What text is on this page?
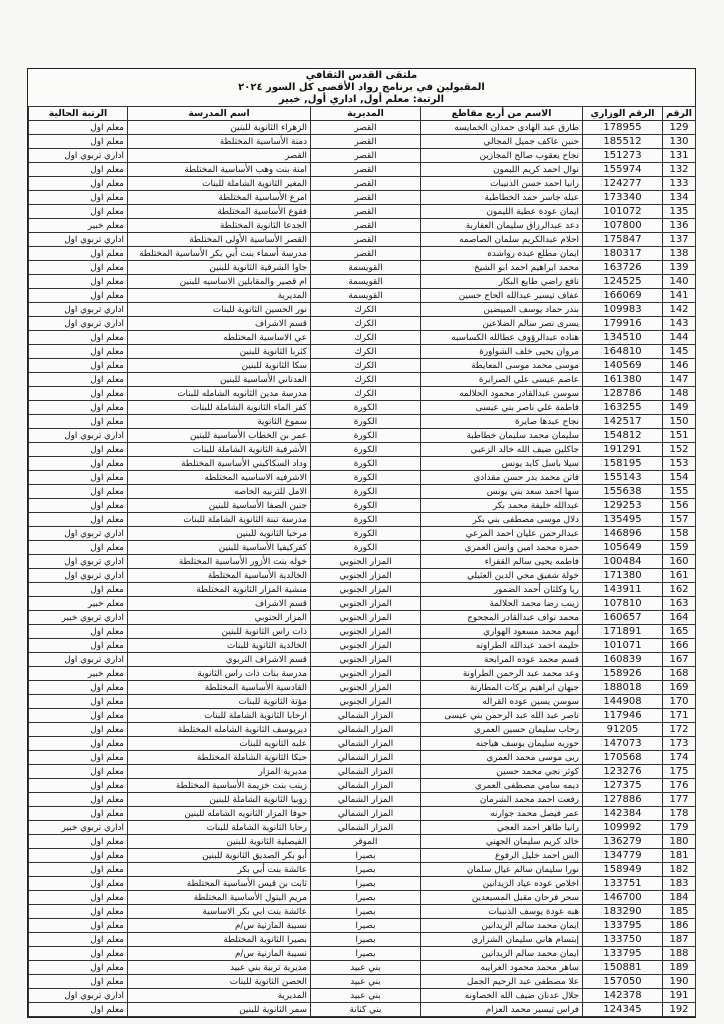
ملتقى القدس الثقافي
المقبولين في برنامج رواد الأقصى كل السور ٢٠٢٤
الرتبة: معلم أول, اداري أول, خبير
الرقم	الرقم الوزاري	الاسم من أربع مقاطع	المديرية	اسم المدرسة	الرتبة الحالية
129	178955	طارق عبد الهادي حمدان الخمايسه	القصر	الزهراء الثانوية للبنين	معلم اول
130	185512	حنين عاكف جميل المجالي	القصر	دمنة الأساسية المختلطة	معلم اول
131	151273	نجاح يعقوب صالح المجازين	القصر	القصر	اداري تربوي اول
132	155974	نوال احمد كريم الليمون	القصر	امنة بنت وهب الأساسية المختلطة	معلم اول
133	124277	رانيا احمد حسن الذنيبات	القصر	المغير الثانوية الشاملة للبنات	معلم اول
134	173340	عبله جاسر حمد الخطاطبة	القصر	امرع الأساسية المختلطة	معلم اول
135	101072	ايمان عودة عطية الليمون	القصر	فقوع الأساسية المختلطة	معلم اول
136	107800	دعد عبدالرزاق سليمان العفاربة	القصر	الجدعا الثانوية المختلطة	معلم خبير
137	175847	احلام عبدالكريم سلمان الصاصمه	القصر	القصر الأساسية الأولى المختلطة	اداري تربوي اول
138	180317	ايمان مطلع عبده رواشده	القصر	مدرسة أسماء بنت أبي بكر الأساسية المختلطة	معلم اول
139	163726	محمد ابراهيم احمد ابو الشيخ	القويسمة	جاوا الشرقية الثانوية للبنين	معلم اول
140	124525	نافع راضي طايع البكار	القويسمة	ام قصير والمقابلين الاساسيه للبنين	معلم اول
141	166069	عفاف تيسير عبدالله الحاج حسين	القويسمة	المديرية	معلم اول
142	109983	بندر حماد يوسف المبيضين	الكرك	نور الحسين الثانوية للبنات	اداري تربوي اول
143	179916	يسرى نصر سالم الضلاعين	الكرك	قسم الاشراف	اداري تربوي اول
144	134510	هناده عبدالرؤوف عطالله الكساسبه	الكرك	عي الاساسية المختلطه	معلم اول
145	164810	مروان يحيى خلف الشواورة	الكرك	كثربا الثانوية للبنين	معلم اول
146	140569	موسى محمد موسى المعايطة	الكرك	سكا الثانوية للبنين	معلم اول
147	161380	عاصم عيسى علي الصرايرة	الكرك	العدناني الأساسية للبنين	معلم اول
148	128786	سوسن عبدالقادر محمود الحلالمه	الكرك	مدرسة مدين الثانويه الشامله للبنات	معلم اول
149	163255	فاطمة علي ناصر بني عيسى	الكورة	كفر الماء الثانوية الشاملة للبنات	معلم اول
150	142517	نجاح عبدها صايرة	الكورة	سموع الثانوية	معلم اول
151	154812	سليمان محمد سليمان خطاطبة	الكورة	عمر بن الخطاب الأساسية للبنين	اداري تربوي اول
152	191291	جاكلين ضيف الله خالد الزعبي	الكورة	الأشرفية الثانوية الشاملة للبنات	معلم اول
153	158195	سيلا باسل كايد يونس	الكورة	وداد السكاكيني الأساسية المختلطة	معلم اول
154	155143	فاتن محمد بدر حسن مقدادي	الكورة	الاشرفيه الاساسيه المختلطه	معلم اول
155	155638	سها احمد سعد بني يونس	الكورة	الامل للتربيه الخاصه	معلم اول
156	129253	عبدالله خليفة محمد بكر	الكورة	جنين الصفا الأساسية للبنين	معلم اول
157	135495	دلال موسى مصطفى بني بكر	الكورة	مدرسة تبنة الثانوية الشاملة للبنات	معلم اول
158	146896	عبدالرحمن عليان احمد المرعي	الكورة	مرحبا الثانويه للبنين	اداري تربوي اول
159	105649	حمزه محمد امين وانس العمري	الكورة	كفركيفيا الأساسية للبنين	معلم اول
160	100484	فاطمه يحيى سالم القفراء	المزار الجنوبي	خوله بنت الأزور الأساسية المختلطة	اداري تربوي اول
161	171380	خولة شفيق محي الدين العثيلي	المزار الجنوبي	الخالدية الأساسية المختلطة	اداري تربوي اول
162	143911	ريا وكلثان أحمد الضمور	المزار الجنوبي	منشية المزار الثانوية المختلطة	معلم اول
163	107810	زينب رضا محمد الحلالمة	المزار الجنوبي	قسم الاشراف	معلم خبير
164	160657	محمد نواف عبدالقادر المجحوج	المزار الجنوبي	المزار الجنوبي	اداري تربوي خبير
165	171891	أيهم محمد مسعود الهواري	المزار الجنوبي	ذات راس الثانوية للبنين	معلم اول
166	101071	حليمه احمد عبدالله الطراونه	المزار الجنوبي	الخالدية الثانوية للبنات	معلم اول
167	160839	قسم محمد عوده المرابحة	المزار الجنوبي	قسم الاشراف التربوي	اداري تربوي اول
168	158926	وعد محمد عبد الرحمن الطراونة	المزار الجنوبي	مدرسة بنات ذات راس الثانوية	معلم خبير
169	188018	جيهان ابراهيم بركات المطارنة	المزار الجنوبي	القادسية الأساسية المختلطة	معلم اول
170	144908	سوسن يسين عوده القراله	المزار الجنوبي	مؤتة الثانوية للبنات	معلم اول
171	117946	ناصر عبد الله عبد الرحمن بني عيسى	المزار الشمالي	ارحابا الثانوية الشاملة للبنات	معلم اول
172	91205	رحاب سليمان حسين العمري	المزار الشمالي	ديريوسف الثانوية الشامله المختلطة	معلم اول
173	147073	حوريه سليمان يوسف هياجنه	المزار الشمالي	علبه الثانويه للبنات	معلم اول
174	170568	ربى موسى محمد العمري	المزار الشمالي	حبكا الثانوية الشاملة المختلطة	معلم اول
175	123276	كوثر نجي محمد حسين	المزار الشمالي	مديرية المزار	معلم اول
176	127375	ديمه سامي مصطفى العمري	المزار الشمالي	زينب بنت خزيمة الأساسية المختلطة	معلم اول
177	127886	رفعت احمد محمد الشرمان	المزار الشمالي	زوبيا الثانوية الشاملة للبنين	معلم اول
178	142384	عمر فيصل محمد جوارنه	المزار الشمالي	حوفا المزار الثانويه الشامله للبنين	معلم اول
179	109992	رانيا ظاهر احمد العجي	المزار الشمالي	رحابا الثانوية الشاملة للبنات	اداري تربوي خبير
180	136279	خالد كريم سليمان الجهني	الموقر	الفيصلية الثانوية للبنين	معلم اول
181	134779	الس احمد خليل الرفوع	بصيرا	أبو بكر الصديق الثانوية للبنين	معلم اول
182	158949	نورا سليمان سالم عيال سلمان	بصيرا	عائشة بنت أبي بكر	معلم اول
183	133751	اخلاص عوده عياد الزيدانين	بصيرا	ثابت بن قيس الأساسية المختلطة	معلم اول
184	146700	سحر فرحان مقبل المسيعدين	بصيرا	مريم البتول الأساسية المختلطة	معلم اول
185	183290	هبه عودة يوسف الذنيبات	بصيرا	عائشة بنت ابي بكر الاساسية	معلم اول
186	133795	ايمان محمد سالم الزيدانين	بصيرا	نسيبة المازنية س/م	معلم اول
187	133750	إبتسام هاني سليمان الشراري	بصيرا	بصيرا الثانوية المختلطة	معلم اول
188	133795	ايمان محمد سالم الزيدانين	بصيرا	نسيبة المازنية س/م	معلم اول
189	150881	ساهر محمد محمود الغرايبه	بني عبيد	مديرية تربية بني عبيد	معلم اول
190	157050	علا مصطفى عبد الرحيم الجمل	بني عبيد	الحصن الثانوية للبنات	معلم اول
191	142378	جلال عدنان ضيف الله الخصاونه	بني عبيد	المديرية	اداري تربوي اول
192	124345	فراس تيسير محمد العزام	بني كنانة	سمر الثانوية للبنين	معلم اول
